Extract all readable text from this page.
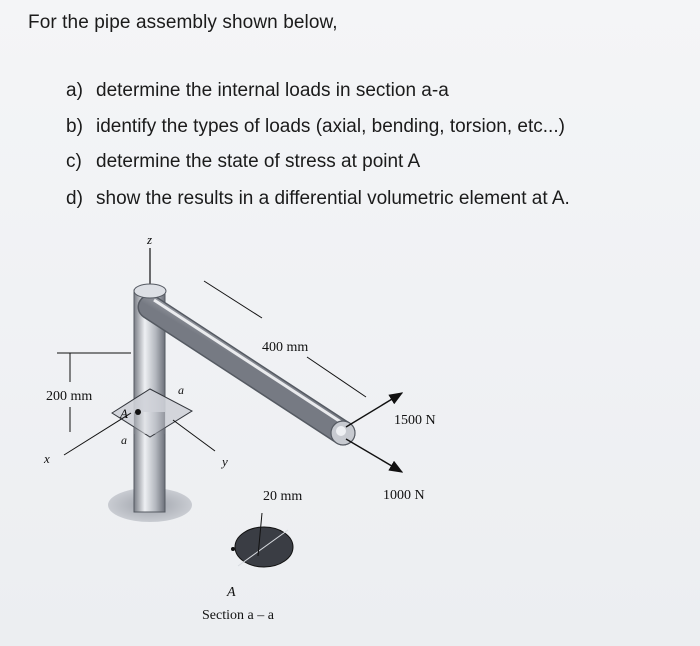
For the pipe assembly shown below,
a) determine the internal loads in section a-a
b) identify the types of loads (axial, bending, torsion, etc...)
c) determine the state of stress at point A
d) show the results in a differential volumetric element at A.
z
1500 N
1000 N
400 mm
200 mm
x	y
A
a
a
20 mm
A
Section a – a
